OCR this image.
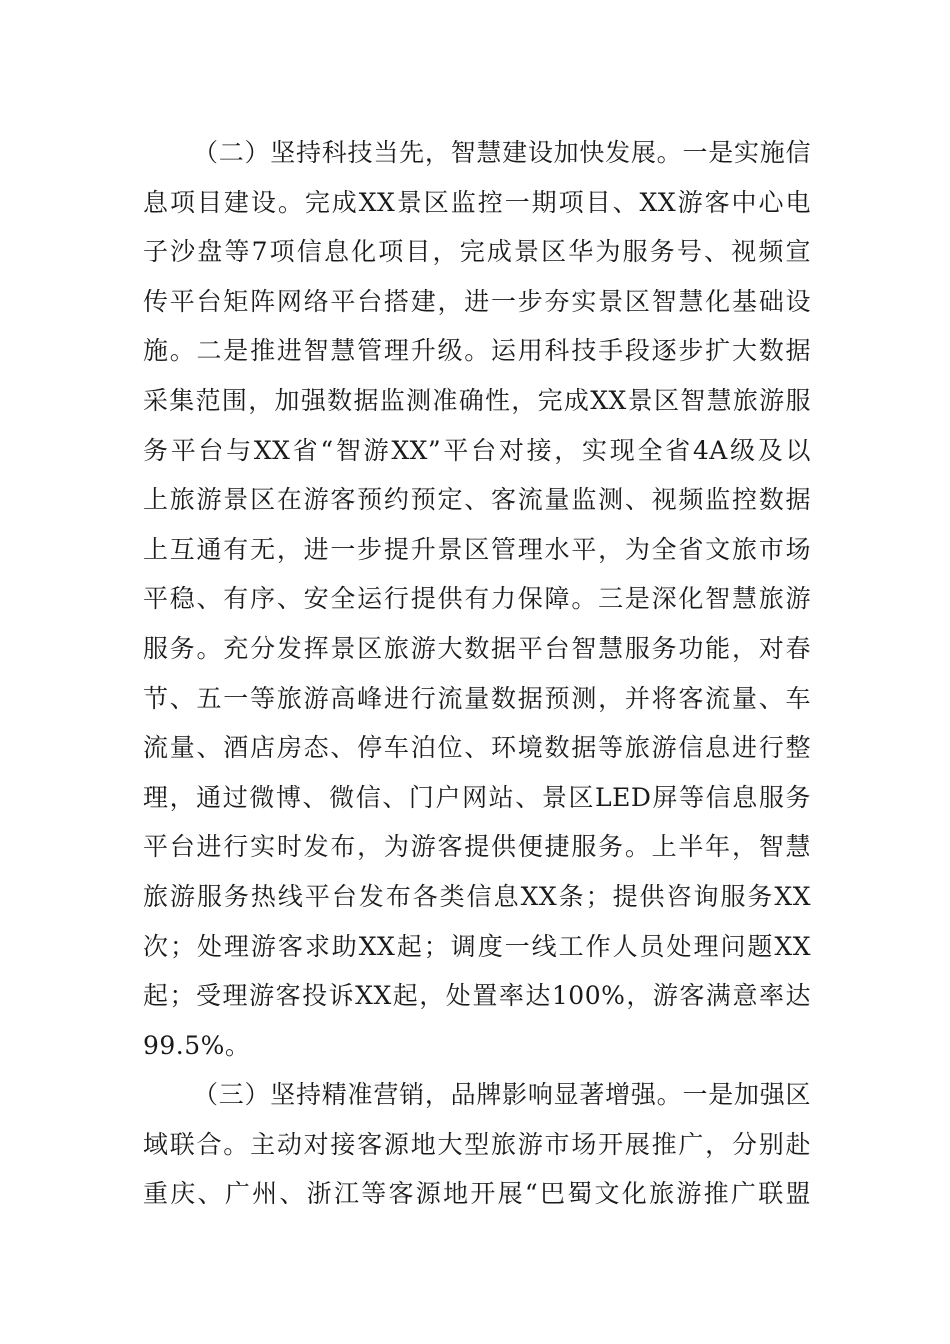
（二）坚持科技当先，智慧建设加快发展。一是实施信
息项目建设。完成XX景区监控一期项目、XX游客中心电
子沙盘等7项信息化项目，完成景区华为服务号、视频宣
传平台矩阵网络平台搭建，进一步夯实景区智慧化基础设
施。二是推进智慧管理升级。运用科技手段逐步扩大数据
采集范围，加强数据监测准确性，完成XX景区智慧旅游服
务平台与XX省“智游XX”平台对接，实现全省4A级及以
上旅游景区在游客预约预定、客流量监测、视频监控数据
上互通有无，进一步提升景区管理水平，为全省文旅市场
平稳、有序、安全运行提供有力保障。三是深化智慧旅游
服务。充分发挥景区旅游大数据平台智慧服务功能，对春
节、五一等旅游高峰进行流量数据预测，并将客流量、车
流量、酒店房态、停车泊位、环境数据等旅游信息进行整
理，通过微博、微信、门户网站、景区LED屏等信息服务
平台进行实时发布，为游客提供便捷服务。上半年，智慧
旅游服务热线平台发布各类信息XX条；提供咨询服务XX
次；处理游客求助XX起；调度一线工作人员处理问题XX
起；受理游客投诉XX起，处置率达100%，游客满意率达
99.5%。
（三）坚持精准营销，品牌影响显著增强。一是加强区
域联合。主动对接客源地大型旅游市场开展推广，分别赴
重庆、广州、浙江等客源地开展“巴蜀文化旅游推广联盟
